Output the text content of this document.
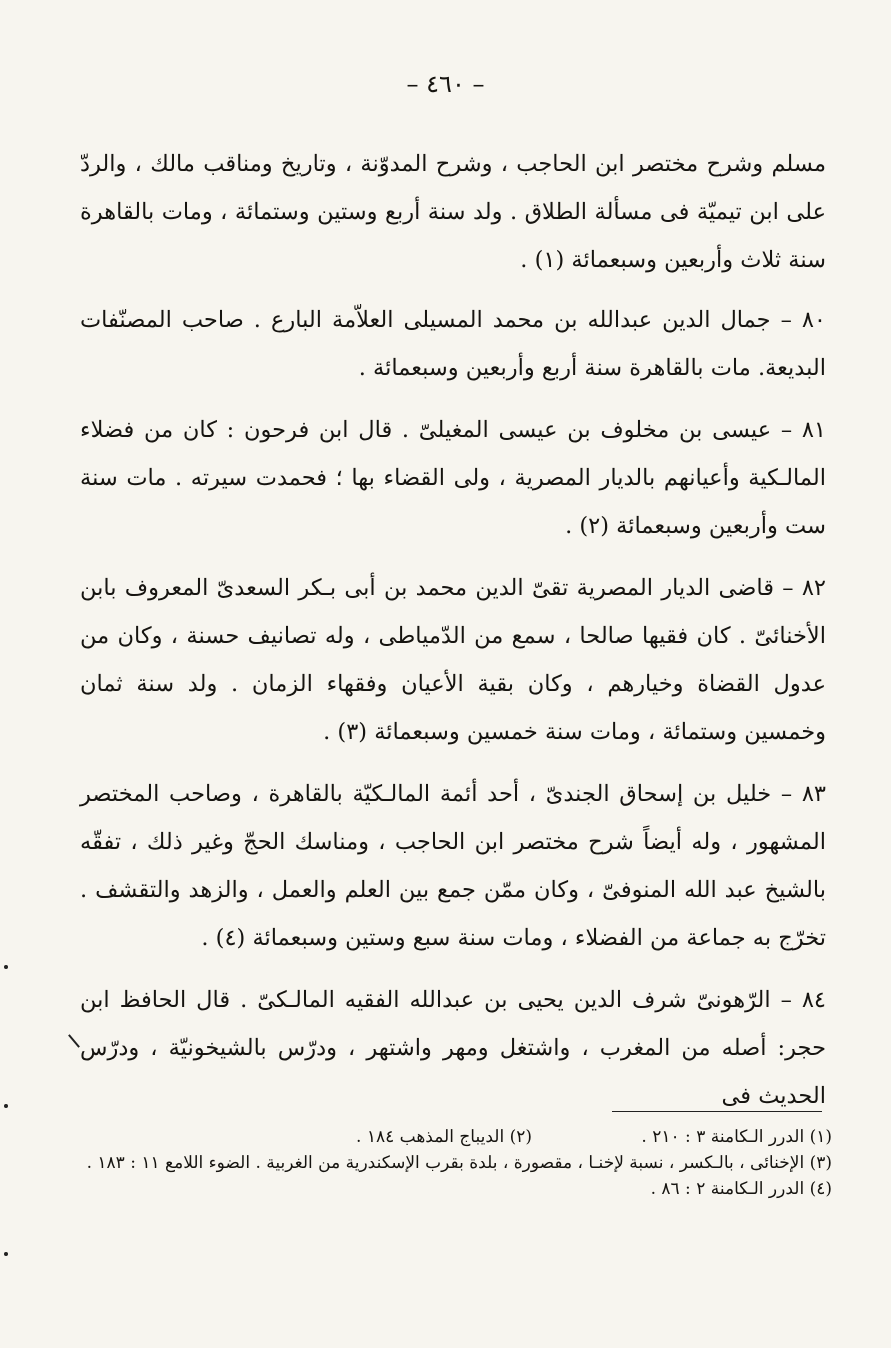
– ٤٦٠ –

مسلم وشرح مختصر ابن الحاجب ، وشرح المدوّنة ، وتاريخ ومناقب مالك ، والردّ على ابن تيميّة فى مسألة الطلاق . ولد سنة أربع وستين وستمائة ، ومات بالقاهرة سنة ثلاث وأربعين وسبعمائة (١) .

٨٠ – جمال الدين عبدالله بن محمد المسيلى العلاّمة البارع . صاحب المصنّفات البديعة. مات بالقاهرة سنة أربع وأربعين وسبعمائة .

٨١ – عيسى بن مخلوف بن عيسى المغيلىّ . قال ابن فرحون : كان من فضلاء المالـكية وأعيانهم بالديار المصرية ، ولى القضاء بها ؛ فحمدت سيرته . مات سنة ست وأربعين وسبعمائة (٢) .

٨٢ – قاضى الديار المصرية تقىّ الدين محمد بن أبى بـكر السعدىّ المعروف بابن الأخنائىّ . كان فقيها صالحا ، سمع من الدّمياطى ، وله تصانيف حسنة ، وكان من عدول القضاة وخيارهم ، وكان بقية الأعيان وفقهاء الزمان . ولد سنة ثمان وخمسين وستمائة ، ومات سنة خمسين وسبعمائة (٣) .

٨٣ – خليل بن إسحاق الجندىّ ، أحد أئمة المالـكيّة بالقاهرة ، وصاحب المختصر المشهور ، وله أيضاً شرح مختصر ابن الحاجب ، ومناسك الحجّ وغير ذلك ، تفقّه بالشيخ عبد الله المنوفىّ ، وكان ممّن جمع بين العلم والعمل ، والزهد والتقشف . تخرّج به جماعة من الفضلاء ، ومات سنة سبع وستين وسبعمائة (٤) .

٨٤ – الرّهونىّ شرف الدين يحيى بن عبدالله الفقيه المالـكىّ . قال الحافظ ابن حجر: أصله من المغرب ، واشتغل ومهر واشتهر ، ودرّس بالشيخونيّة ، ودرّس الحديث فى

(١) الدرر الـكامنة ٣ : ٢١٠ .
(٢) الديباج المذهب ١٨٤ .
(٣) الإخنائى ، بالـكسر ، نسبة لإخنـا ، مقصورة ، بلدة بقرب الإسكندرية من الغربية . الضوء اللامع ١١ : ١٨٣ .
(٤) الدرر الـكامنة ٢ : ٨٦ .
